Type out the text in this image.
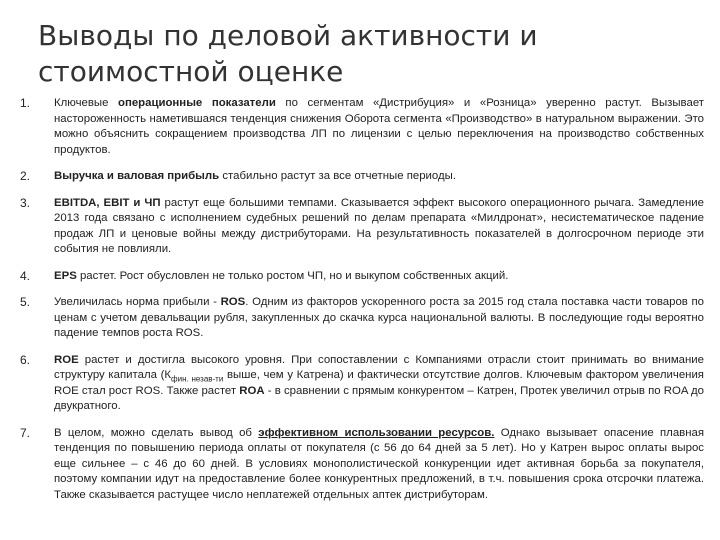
Выводы по деловой активности и стоимостной оценке
1. Ключевые операционные показатели по сегментам «Дистрибуция» и «Розница» уверенно растут. Вызывает настороженность наметившаяся тенденция снижения Оборота сегмента «Производство» в натуральном выражении. Это можно объяснить сокращением производства ЛП по лицензии с целью переключения на производство собственных продуктов.
2. Выручка и валовая прибыль стабильно растут за все отчетные периоды.
3. EBITDA, EBIT и ЧП растут еще большими темпами. Сказывается эффект высокого операционного рычага. Замедление 2013 года связано с исполнением судебных решений по делам препарата «Милдронат», несистематическое падение продаж ЛП и ценовые войны между дистрибуторами. На результативность показателей в долгосрочном периоде эти события не повлияли.
4. EPS растет. Рост обусловлен не только ростом ЧП, но и выкупом собственных акций.
5. Увеличилась норма прибыли - ROS. Одним из факторов ускоренного роста за 2015 год стала поставка части товаров по ценам с учетом девальвации рубля, закупленных до скачка курса национальной валюты. В последующие годы вероятно падение темпов роста ROS.
6. ROE растет и достигла высокого уровня. При сопоставлении с Компаниями отрасли стоит принимать во внимание структуру капитала ($К_{фин. незав-ти}$ выше, чем у Катрена) и фактически отсутствие долгов. Ключевым фактором увеличения ROE стал рост ROS. Также растет ROA - в сравнении с прямым конкурентом – Катрен, Протек увеличил отрыв по ROA до двукратного.
7. В целом, можно сделать вывод об эффективном использовании ресурсов. Однако вызывает опасение плавная тенденция по повышению периода оплаты от покупателя (с 56 до 64 дней за 5 лет). Но у Катрен вырос оплаты вырос еще сильнее – с 46 до 60 дней. В условиях монополистической конкуренции идет активная борьба за покупателя, поэтому компании идут на предоставление более конкурентных предложений, в т.ч. повышения срока отсрочки платежа. Также сказывается растущее число неплатежей отдельных аптек дистрибуторам.
